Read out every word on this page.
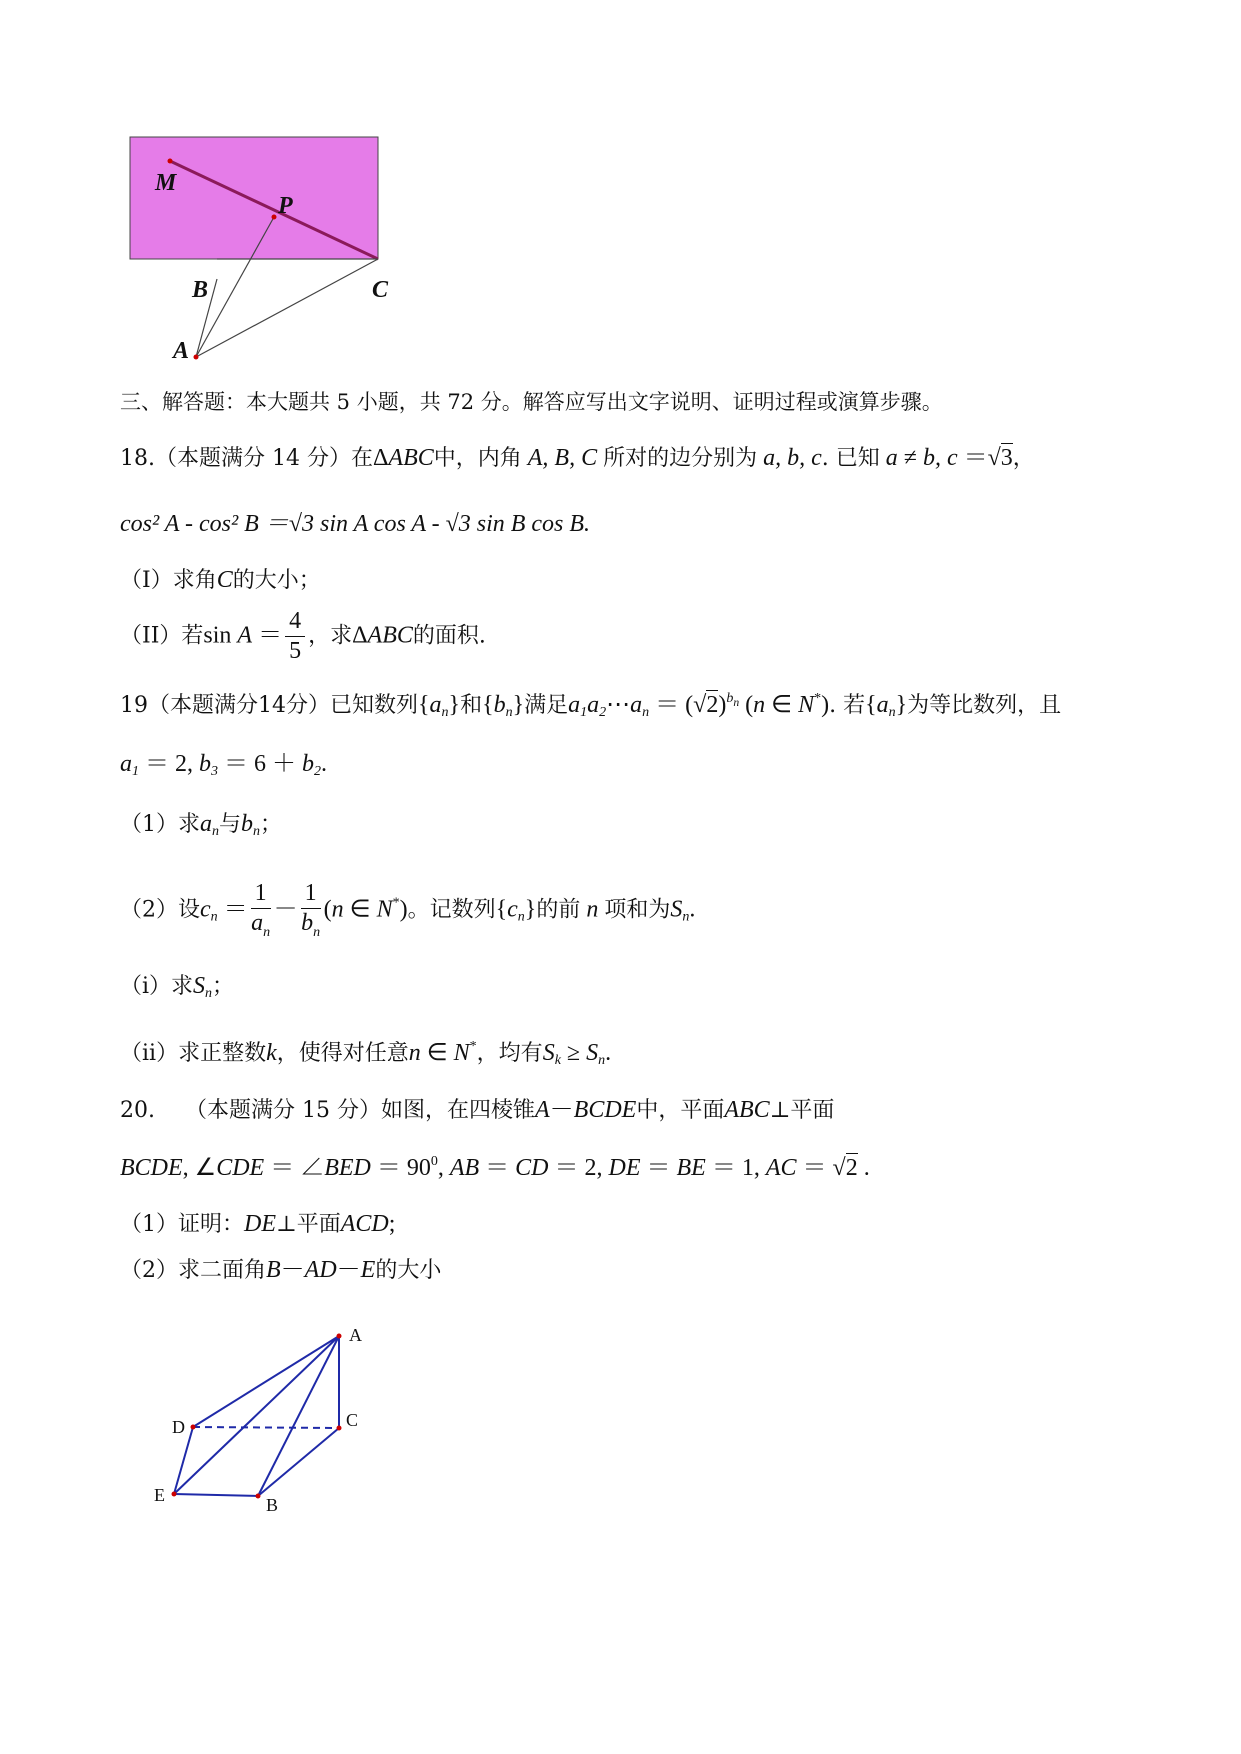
M
P
B	C
A
三、解答题：本大题共 5 小题，共 72 分。解答应写出文字说明、证明过程或演算步骤。
18.（本题满分 14 分）在ΔABC中，内角 A, B, C 所对的边分别为 a, b, c. 已知 a ≠ b, c ＝√3，
cos² A - cos² B ＝√3 sin A cos A - √3 sin B cos B.
（I）求角C的大小；
（II）若$\sin A = \frac{4}{5}$ ，求ΔABC的面积.
19（本题满分14分）已知数列$\{a_n\}$和$\{b_n\}$满足$a_1a_2\cdots a_n = (√2)^{b_n}$ (n ∈ N*). 若$\{a_n\}$为等比数列，且
$a_1 = 2$, $b_3 = 6 + b_2$.
（1）求$a_n$与$b_n$；
（2）设$c_n = \frac{1}{a_n} - \frac{1}{b_n} (n$ ∈ N*)。记数列$\{c_n\}$的前 n 项和为$S_n$.
（i）求$S_n$；
（ii）求正整数k，使得对任意n ∈ N*，均有$S_k \ge S_n$.
20. （本题满分 15 分）如图，在四棱锥A－BCDE中，平面ABC⊥平面
BCDE, ∠CDE ＝ ∠BED ＝ $90^0$, AB ＝ CD ＝ 2, DE ＝ BE ＝ 1, AC ＝ √2 .
（1）证明：DE⊥平面ACD;
（2）求二面角B－AD－E的大小
A
C
D
E	B
